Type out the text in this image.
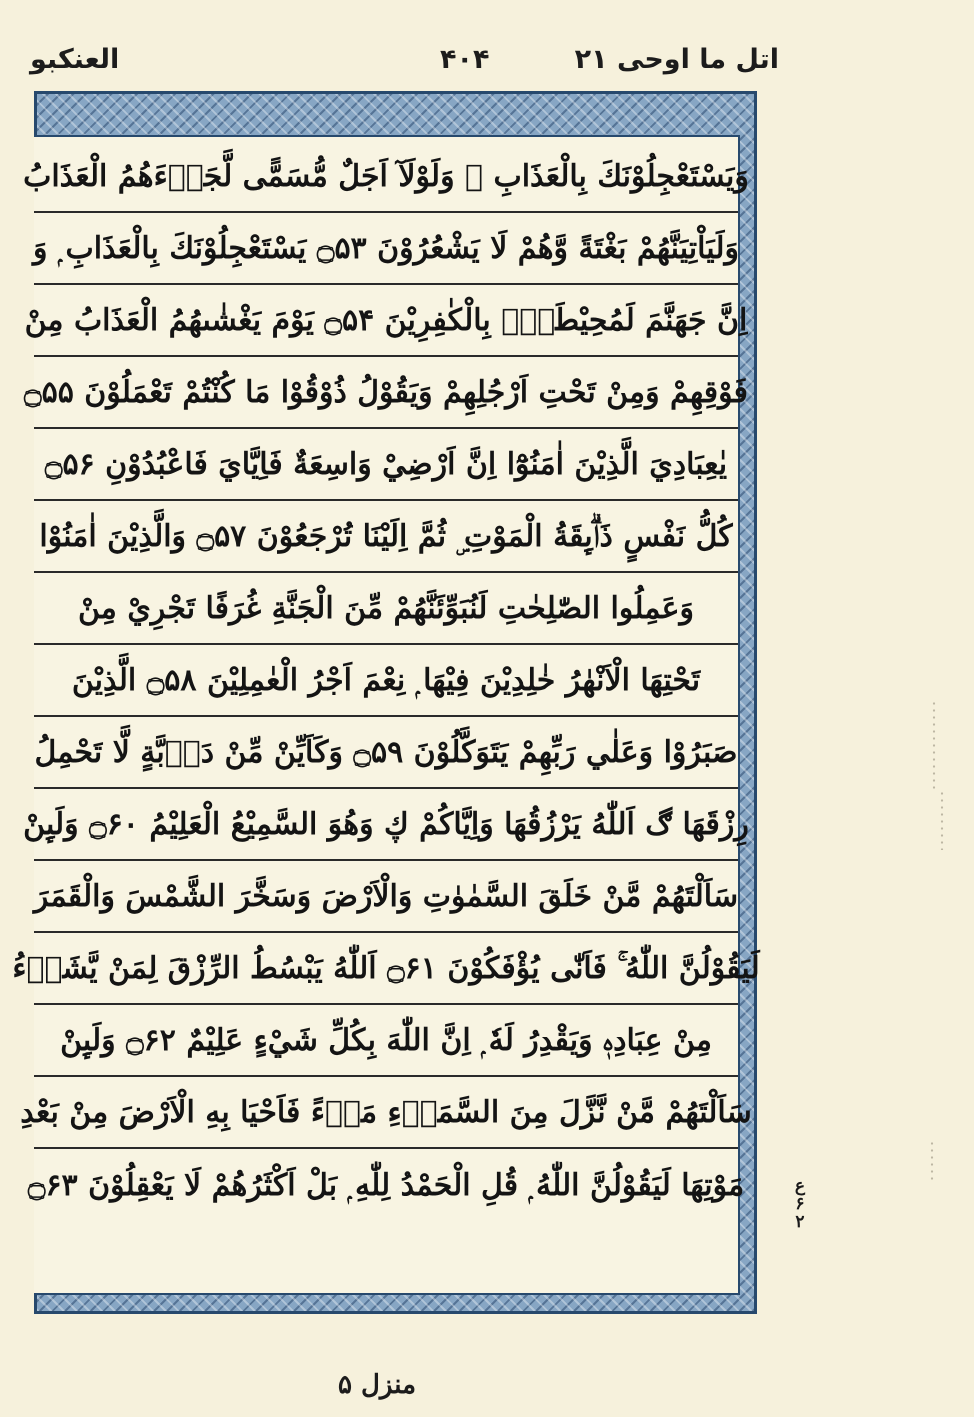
العنکبو	۴۰۴	اتل ما اوحی ۲۱
وَيَسْتَعْجِلُوْنَكَ بِالْعَذَابِ ۭ وَلَوْلَآ اَجَلٌ مُّسَمًّى لَّجَاۗءَهُمُ الْعَذَابُ
وَلَيَاْتِيَنَّهُمْ بَغْتَةً وَّهُمْ لَا يَشْعُرُوْنَ ۝۵۳ يَسْتَعْجِلُوْنَكَ بِالْعَذَابِ ۭ وَ
اِنَّ جَهَنَّمَ لَمُحِيْطَةٌۢ بِالْكٰفِرِيْنَ ۝۵۴ يَوْمَ يَغْشٰىهُمُ الْعَذَابُ مِنْ
فَوْقِهِمْ وَمِنْ تَحْتِ اَرْجُلِهِمْ وَيَقُوْلُ ذُوْقُوْا مَا كُنْتُمْ تَعْمَلُوْنَ ۝۵۵
يٰعِبَادِيَ الَّذِيْنَ اٰمَنُوْٓا اِنَّ اَرْضِيْ وَاسِعَةٌ فَاِيَّايَ فَاعْبُدُوْنِ ۝۵۶
كُلُّ نَفْسٍ ذَاۗىِٕقَةُ الْمَوْتِ ۣ ثُمَّ اِلَيْنَا تُرْجَعُوْنَ ۝۵۷ وَالَّذِيْنَ اٰمَنُوْا
وَعَمِلُوا الصّٰلِحٰتِ لَنُبَوِّئَنَّهُمْ مِّنَ الْجَنَّةِ غُرَفًا تَجْرِيْ مِنْ
تَحْتِهَا الْاَنْهٰرُ خٰلِدِيْنَ فِيْهَا ۭ نِعْمَ اَجْرُ الْعٰمِلِيْنَ ۝۵۸ الَّذِيْنَ
صَبَرُوْا وَعَلٰي رَبِّهِمْ يَتَوَكَّلُوْنَ ۝۵۹ وَكَاَيِّنْ مِّنْ دَاۗبَّةٍ لَّا تَحْمِلُ
رِزْقَهَا ڰ اَللّٰهُ يَرْزُقُهَا وَاِيَّاكُمْ ڮ وَهُوَ السَّمِيْعُ الْعَلِيْمُ ۝۶۰ وَلَىِٕنْ
سَاَلْتَهُمْ مَّنْ خَلَقَ السَّمٰوٰتِ وَالْاَرْضَ وَسَخَّرَ الشَّمْسَ وَالْقَمَرَ
لَيَقُوْلُنَّ اللّٰهُ ۚ فَاَنّٰى يُؤْفَكُوْنَ ۝۶۱ اَللّٰهُ يَبْسُطُ الرِّزْقَ لِمَنْ يَّشَاۗءُ
مِنْ عِبَادِهٖ وَيَقْدِرُ لَهٗ ۭ اِنَّ اللّٰهَ بِكُلِّ شَيْءٍ عَلِيْمٌ ۝۶۲ وَلَىِٕنْ
سَاَلْتَهُمْ مَّنْ نَّزَّلَ مِنَ السَّمَاۗءِ مَاۗءً فَاَحْيَا بِهِ الْاَرْضَ مِنْ بَعْدِ
مَوْتِهَا لَيَقُوْلُنَّ اللّٰهُ ۭ قُلِ الْحَمْدُ لِلّٰهِ ۭ بَلْ اَكْثَرُهُمْ لَا يَعْقِلُوْنَ ۝۶۳	ع
۶
۲
منزل ۵
